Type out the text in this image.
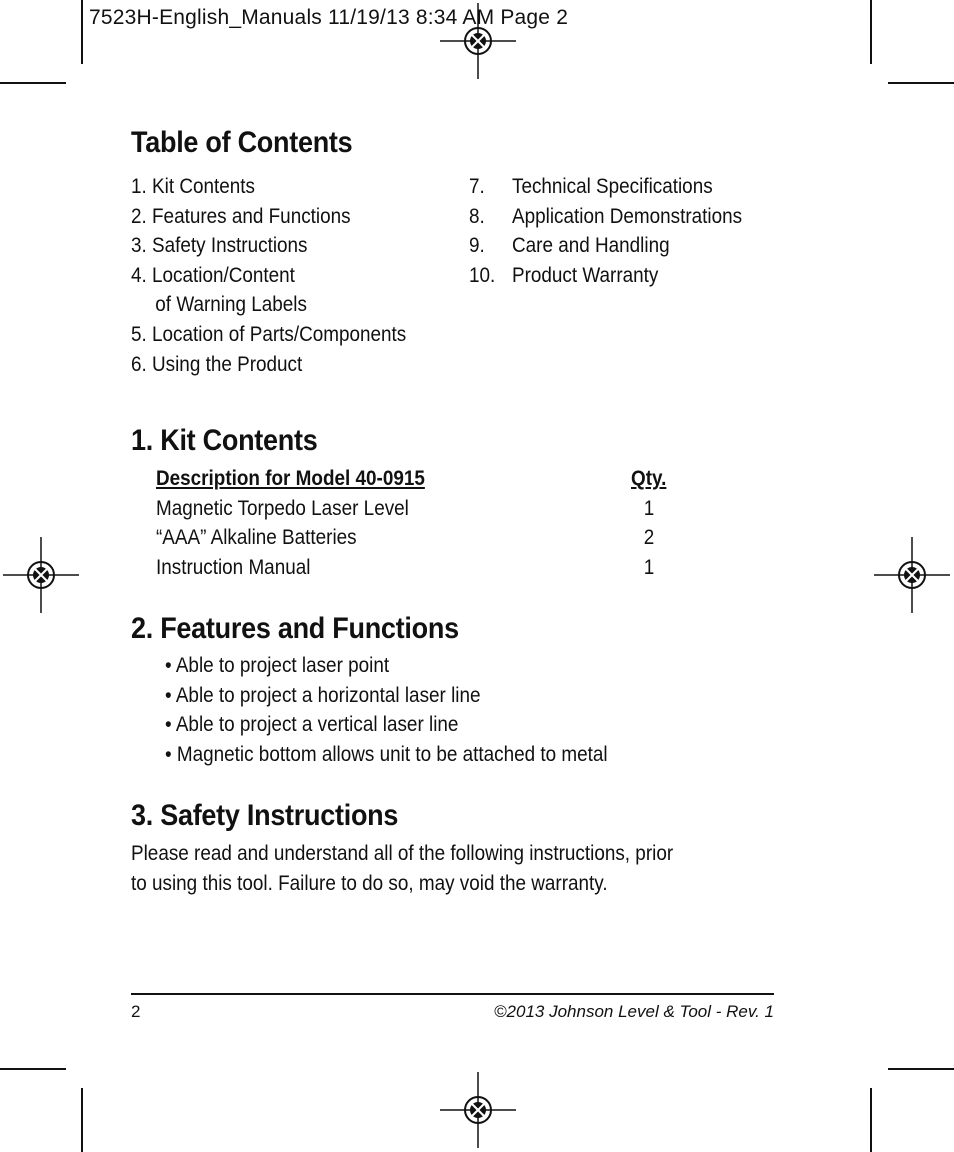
7523H-English_Manuals 11/19/13 8:34 AM Page 2
Table of Contents
1. Kit Contents
2. Features and Functions
3. Safety Instructions
4. Location/Content
of Warning Labels
5. Location of Parts/Components
6. Using the Product
7.
8.
9.
10.
Technical Specifications
Application Demonstrations
Care and Handling
Product Warranty
1. Kit Contents
Description for Model 40-0915
Magnetic Torpedo Laser Level
“AAA” Alkaline Batteries
Instruction Manual
Qty.
1
2
1
2. Features and Functions
• Able to project laser point
• Able to project a horizontal laser line
• Able to project a vertical laser line
• Magnetic bottom allows unit to be attached to metal
3. Safety Instructions
Please read and understand all of the following instructions, prior
to using this tool. Failure to do so, may void the warranty.
2	©2013 Johnson Level & Tool - Rev. 1
